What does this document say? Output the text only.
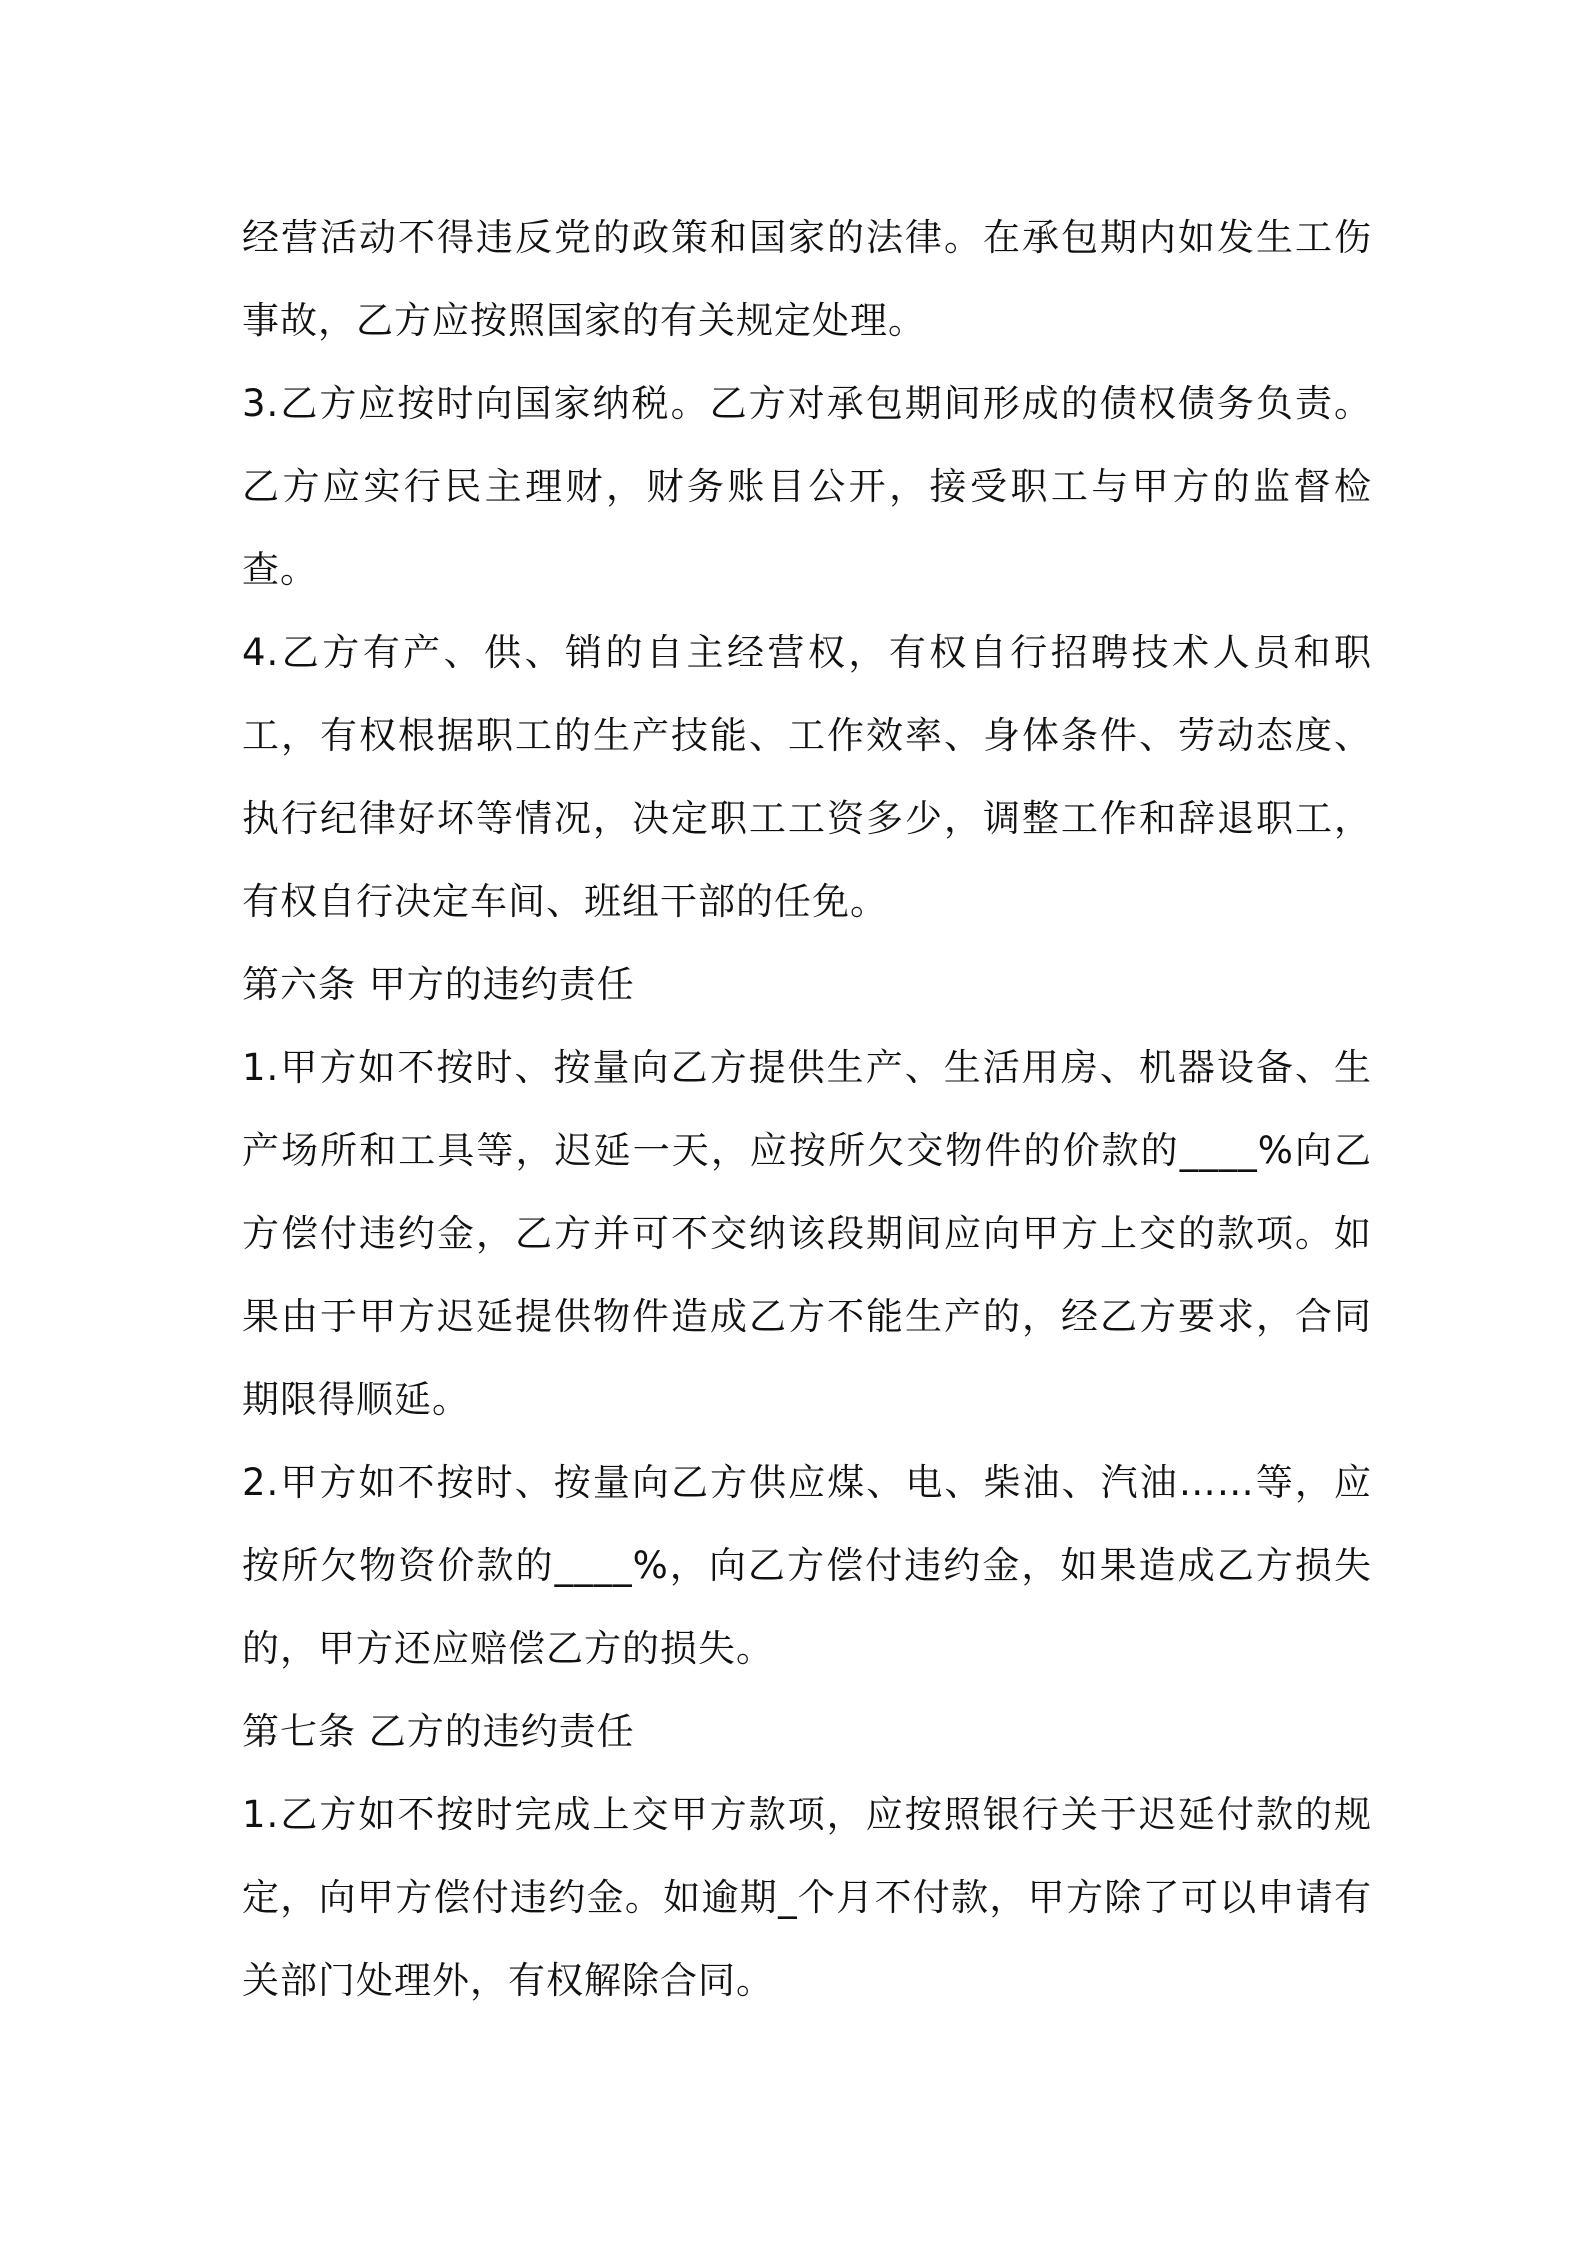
经营活动不得违反党的政策和国家的法律。在承包期内如发生工伤事故，乙方应按照国家的有关规定处理。

3.乙方应按时向国家纳税。乙方对承包期间形成的债权债务负责。乙方应实行民主理财，财务账目公开，接受职工与甲方的监督检查。

4.乙方有产、供、销的自主经营权，有权自行招聘技术人员和职工，有权根据职工的生产技能、工作效率、身体条件、劳动态度、执行纪律好坏等情况，决定职工工资多少，调整工作和辞退职工，有权自行决定车间、班组干部的任免。

第六条 甲方的违约责任

1.甲方如不按时、按量向乙方提供生产、生活用房、机器设备、生产场所和工具等，迟延一天，应按所欠交物件的价款的____%向乙方偿付违约金，乙方并可不交纳该段期间应向甲方上交的款项。如果由于甲方迟延提供物件造成乙方不能生产的，经乙方要求，合同期限得顺延。

2.甲方如不按时、按量向乙方供应煤、电、柴油、汽油……等，应按所欠物资价款的____%，向乙方偿付违约金，如果造成乙方损失的，甲方还应赔偿乙方的损失。

第七条 乙方的违约责任

1.乙方如不按时完成上交甲方款项，应按照银行关于迟延付款的规定，向甲方偿付违约金。如逾期_个月不付款，甲方除了可以申请有关部门处理外，有权解除合同。
